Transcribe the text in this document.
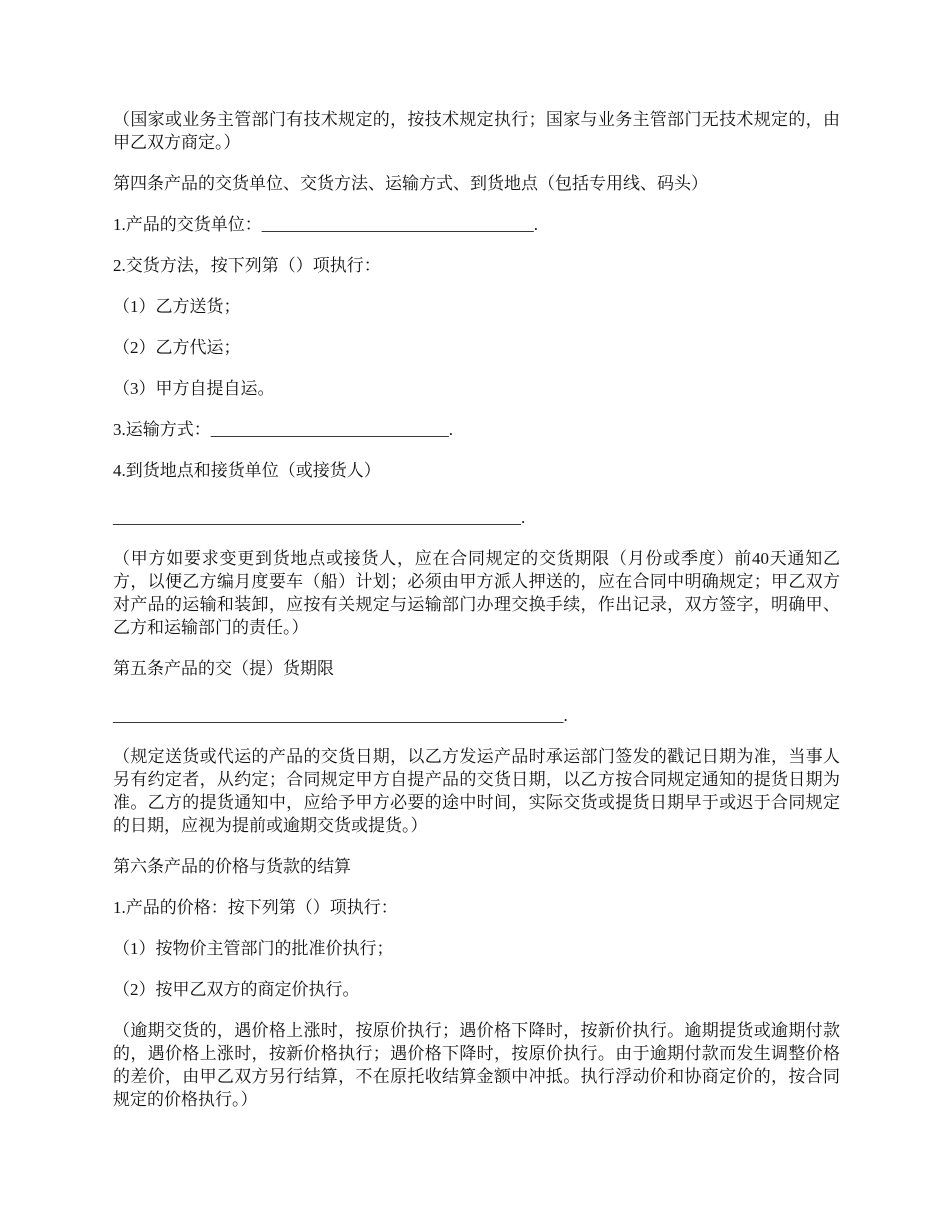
（国家或业务主管部门有技术规定的，按技术规定执行；国家与业务主管部门无技术规定的，由甲乙双方商定。）

第四条产品的交货单位、交货方法、运输方式、到货地点（包括专用线、码头）

1.产品的交货单位：________________________________.

2.交货方法，按下列第（）项执行：

（1）乙方送货；

（2）乙方代运；

（3）甲方自提自运。

3.运输方式：____________________________.

4.到货地点和接货单位（或接货人）

________________________________________________.

（甲方如要求变更到货地点或接货人，应在合同规定的交货期限（月份或季度）前40天通知乙方，以便乙方编月度要车（船）计划；必须由甲方派人押送的，应在合同中明确规定；甲乙双方对产品的运输和装卸，应按有关规定与运输部门办理交换手续，作出记录，双方签字，明确甲、乙方和运输部门的责任。）

第五条产品的交（提）货期限

_____________________________________________________.

（规定送货或代运的产品的交货日期，以乙方发运产品时承运部门签发的戳记日期为准，当事人另有约定者，从约定；合同规定甲方自提产品的交货日期，以乙方按合同规定通知的提货日期为准。乙方的提货通知中，应给予甲方必要的途中时间，实际交货或提货日期早于或迟于合同规定的日期，应视为提前或逾期交货或提货。）

第六条产品的价格与货款的结算

1.产品的价格：按下列第（）项执行：

（1）按物价主管部门的批准价执行；

（2）按甲乙双方的商定价执行。

（逾期交货的，遇价格上涨时，按原价执行；遇价格下降时，按新价执行。逾期提货或逾期付款的，遇价格上涨时，按新价格执行；遇价格下降时，按原价执行。由于逾期付款而发生调整价格的差价，由甲乙双方另行结算，不在原托收结算金额中冲抵。执行浮动价和协商定价的，按合同规定的价格执行。）
